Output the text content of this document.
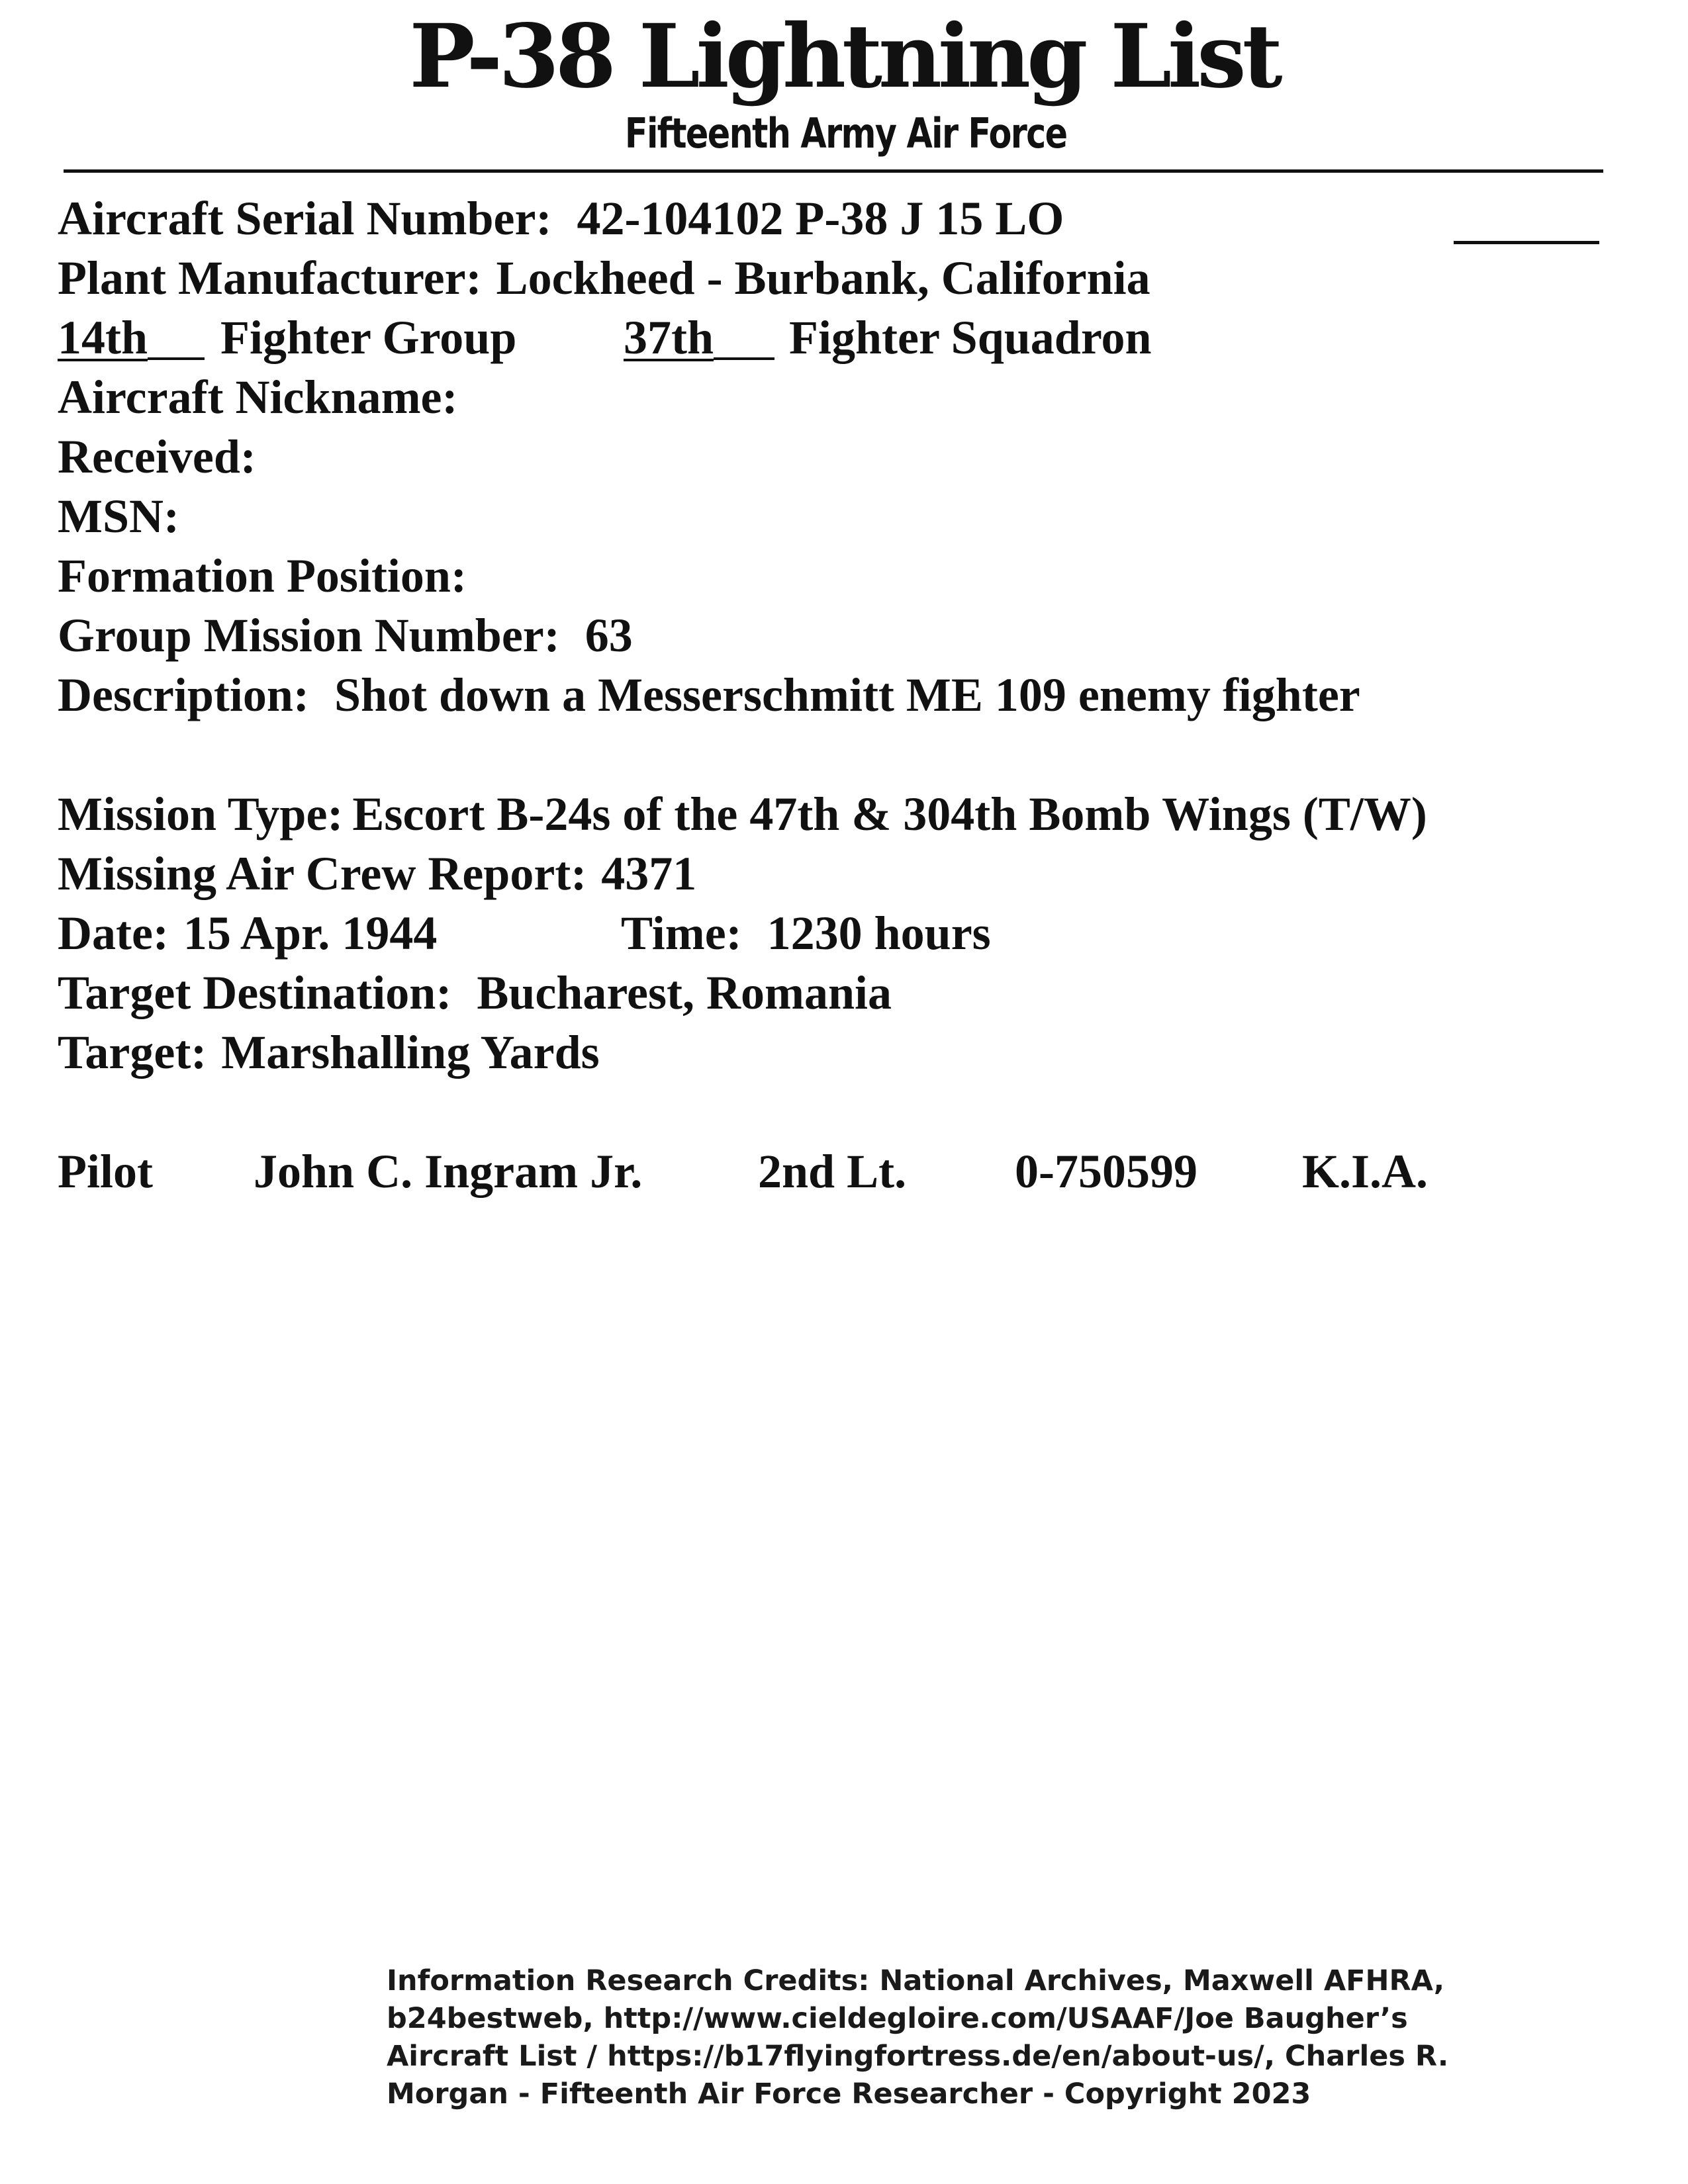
P-38 Lightning List
Fifteenth Army Air Force
Aircraft Serial Number: 42-104102 P-38 J 15 LO
Plant Manufacturer: Lockheed - Burbank, California
14th Fighter Group 37th Fighter Squadron
Aircraft Nickname:
Received:
MSN:
Formation Position:
Group Mission Number: 63
Description: Shot down a Messerschmitt ME 109 enemy fighter
Mission Type: Escort B-24s of the 47th & 304th Bomb Wings (T/W)
Missing Air Crew Report: 4371
Date: 15 Apr. 1944	Time: 1230 hours
Target Destination: Bucharest, Romania
Target: Marshalling Yards
Pilot John C. Ingram Jr. 2nd Lt. 0-750599 K.I.A.
Information Research Credits: National Archives, Maxwell AFHRA,
b24bestweb, http://www.cieldegloire.com/USAAF/Joe Baugher’s
Aircraft List / https://b17flyingfortress.de/en/about-us/, Charles R.
Morgan - Fifteenth Air Force Researcher - Copyright 2023
